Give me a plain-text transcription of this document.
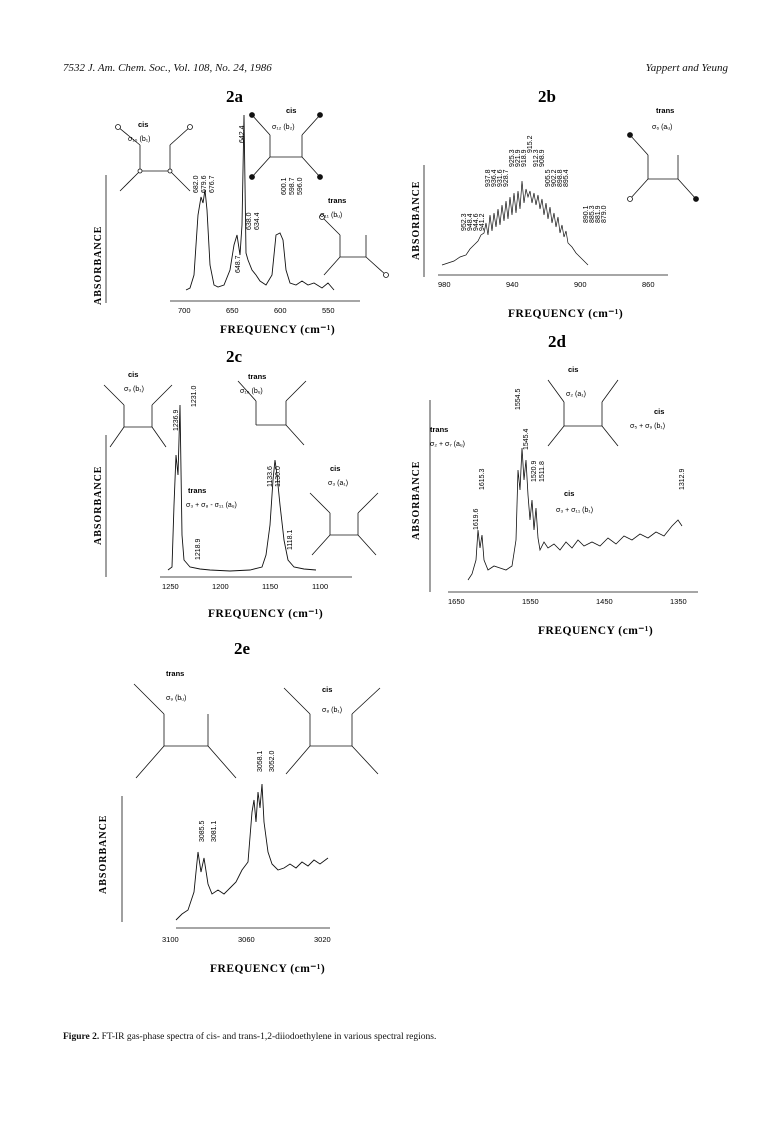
7532 J. Am. Chem. Soc., Vol. 108, No. 24, 1986	Yappert and Yeung
2a
ABSORBANCE
700	650	600	550
FREQUENCY (cm⁻¹)
682.0 679.6 676.7
648.7
642.4
638.0 634.4
600.1 598.7 596.0
cis
σ₁₀ (b₁)
cis
σ₁₂ (b₂)
trans
σ₁₁ (bᵤ)
2b
ABSORBANCE
980	940	900	860
FREQUENCY (cm⁻¹)
952.3 948.4 944.6 941.2
937.8 936.4 931.6 928.7
925.3 921.9 918.9
915.2
912.3 908.9
905.5 902.2 898.8 895.4
890.1 885.3 881.9 879.0
trans
σ₆ (aᵤ)
2c
ABSORBANCE
1250	1200	1150	1100
FREQUENCY (cm⁻¹)
1236.9
1231.0
1218.9
1133.6 1130.0
1118.1
cis
σ₉ (b₁)
trans
σ₁₀ (bᵤ)
trans
σ₃ + σ₈ - σ₁₁ (aᵤ)
cis
σ₃ (a₁)
2d
ABSORBANCE
1650	1550	1450	1350
FREQUENCY (cm⁻¹)
1619.6
1615.3
1554.5
1545.4
1520.9 1511.8	1312.9
trans
σ₂ + σ₇ (aᵤ)
cis
σ₂ (a₁)
cis
σ₅ + σ₉ (b₁)
cis
σ₃ + σ₁₁ (b₁)
2e
ABSORBANCE
3100	3060	3020
FREQUENCY (cm⁻¹)
3085.5 3081.1
3058.1 3052.0
trans
σ₉ (bᵤ)
cis
σ₈ (b₁)
Figure 2. FT-IR gas-phase spectra of cis- and trans-1,2-diiodoethylene in various spectral regions.
